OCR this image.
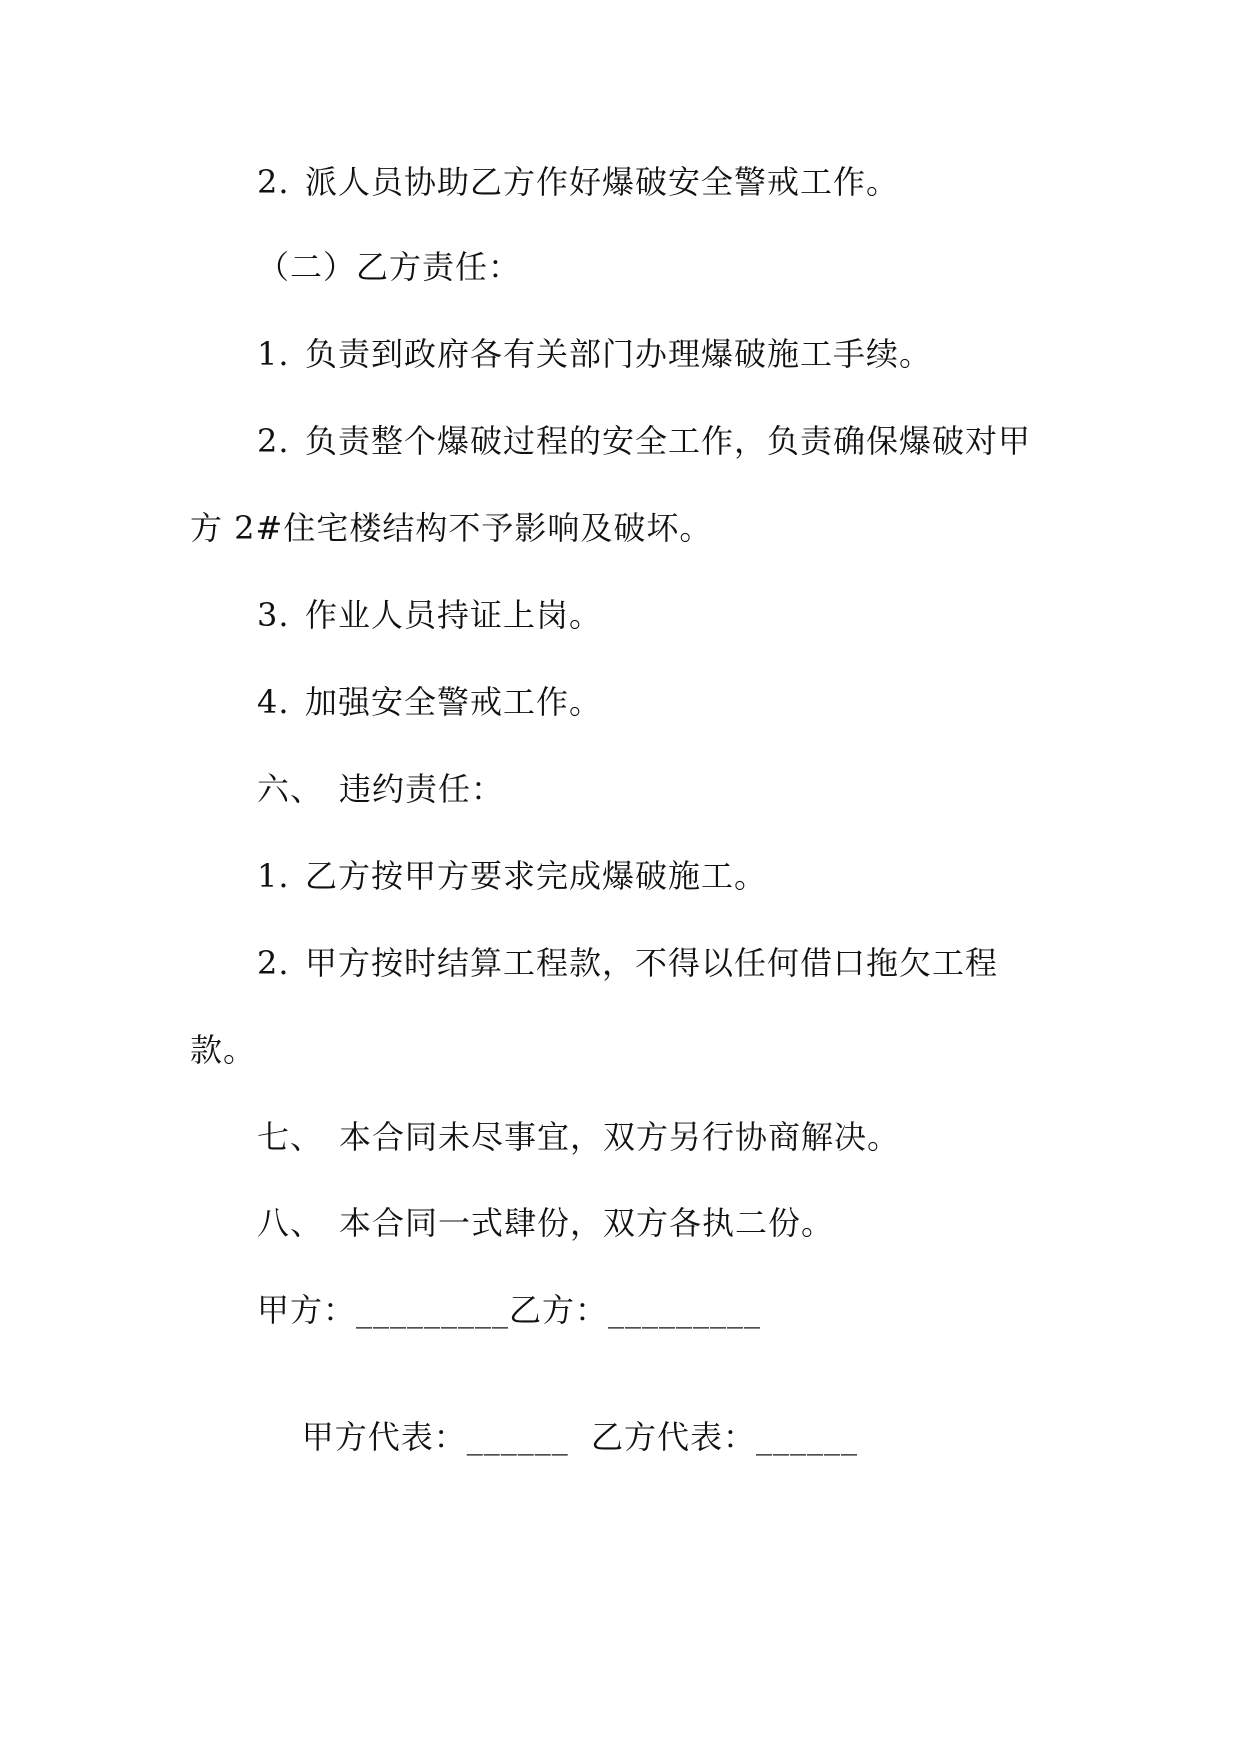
2. 派人员协助乙方作好爆破安全警戒工作。
（二）乙方责任：
1. 负责到政府各有关部门办理爆破施工手续。
2. 负责整个爆破过程的安全工作，负责确保爆破对甲
方 2#住宅楼结构不予影响及破坏。
3. 作业人员持证上岗。
4. 加强安全警戒工作。
六、 违约责任：
1. 乙方按甲方要求完成爆破施工。
2. 甲方按时结算工程款，不得以任何借口拖欠工程
款。
七、 本合同未尽事宜，双方另行协商解决。
八、 本合同一式肆份，双方各执二份。
甲方：_________乙方：_________

甲方代表：______  乙方代表：______
